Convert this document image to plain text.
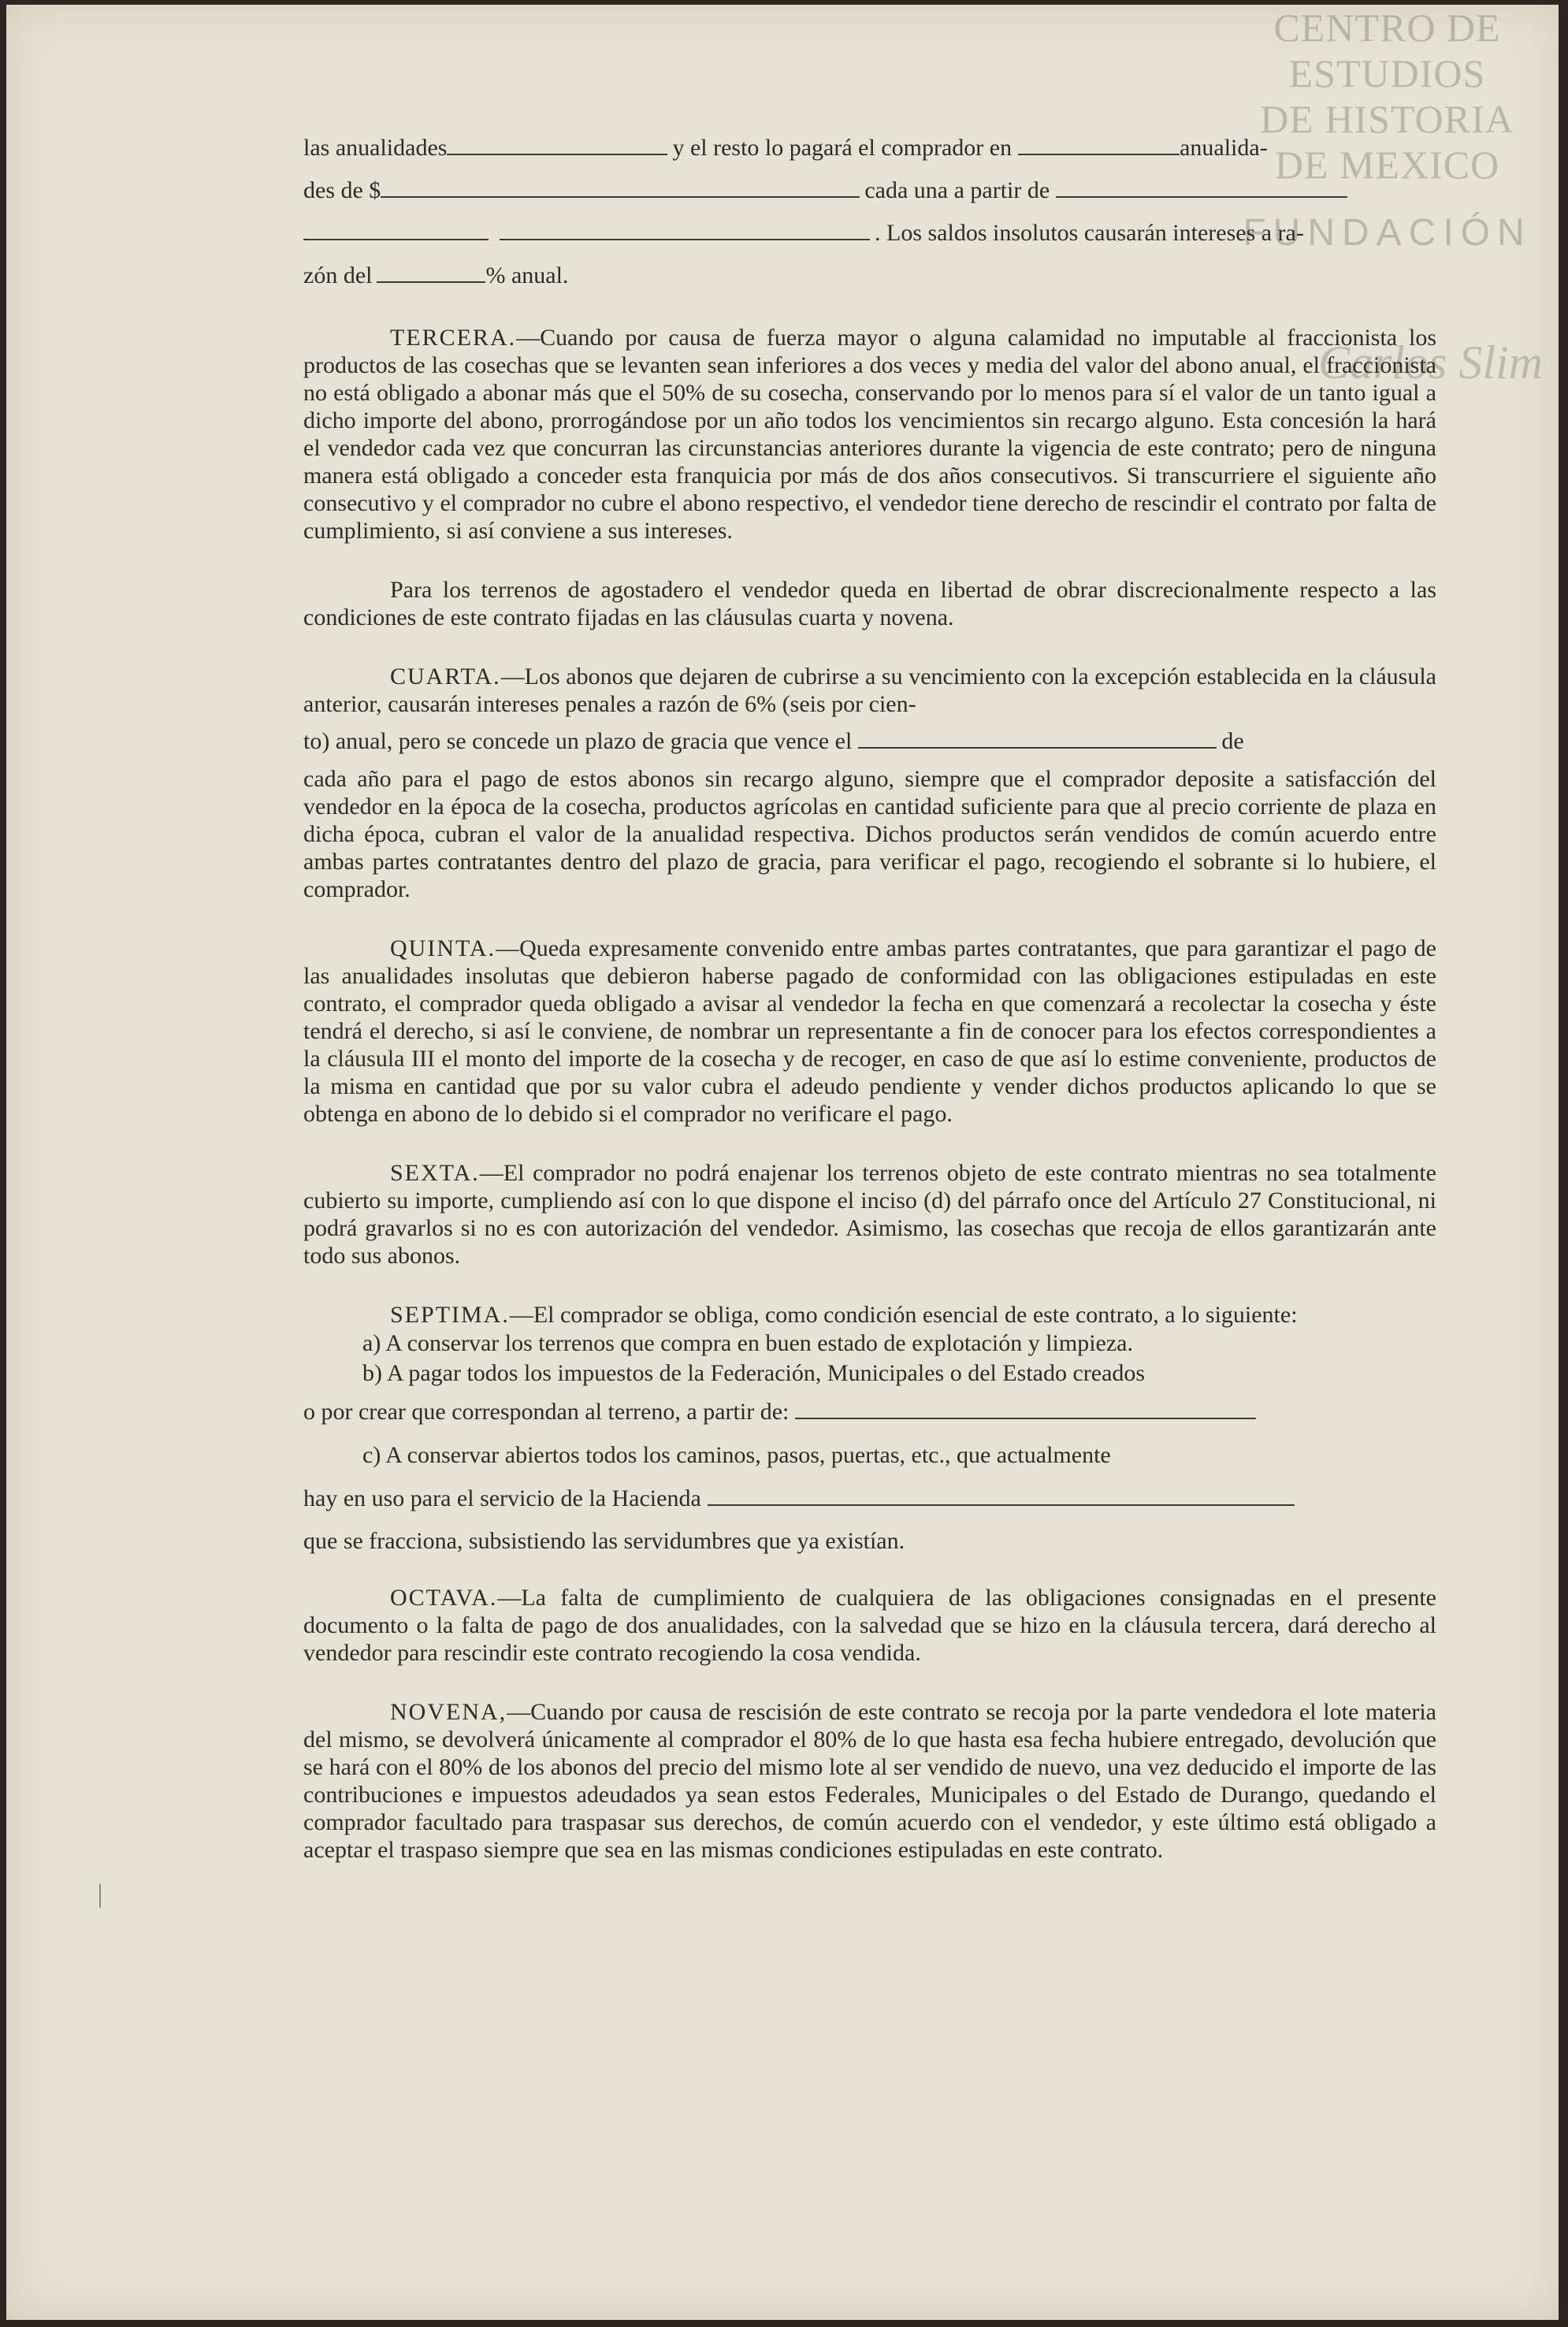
CENTRO DE
ESTUDIOS
DE HISTORIA
DE MEXICO
FUNDACIÓN
Carlos Slim
las anualidades	y el resto lo pagará el comprador en	anualida-
des de $	cada una a partir de
. Los saldos insolutos causarán intereses a ra-
zón del	% anual.

TERCERA.—Cuando por causa de fuerza mayor o alguna calamidad no imputable al fraccionista los productos de las cosechas que se levanten sean inferiores a dos veces y media del valor del abono anual, el fraccionista no está obligado a abonar más que el 50% de su cosecha, conservando por lo menos para sí el valor de un tanto igual a dicho importe del abono, prorrogándose por un año todos los vencimientos sin recargo alguno. Esta concesión la hará el vendedor cada vez que concurran las circunstancias anteriores durante la vigencia de este contrato; pero de ninguna manera está obligado a conceder esta franquicia por más de dos años consecutivos. Si transcurriere el siguiente año consecutivo y el comprador no cubre el abono respectivo, el vendedor tiene derecho de rescindir el contrato por falta de cumplimiento, si así conviene a sus intereses.

Para los terrenos de agostadero el vendedor queda en libertad de obrar discrecionalmente respecto a las condiciones de este contrato fijadas en las cláusulas cuarta y novena.

CUARTA.—Los abonos que dejaren de cubrirse a su vencimiento con la excepción establecida en la cláusula anterior, causarán intereses penales a razón de 6% (seis por cien-

to) anual, pero se concede un plazo de gracia que vence el	de

cada año para el pago de estos abonos sin recargo alguno, siempre que el comprador deposite a satisfacción del vendedor en la época de la cosecha, productos agrícolas en cantidad suficiente para que al precio corriente de plaza en dicha época, cubran el valor de la anualidad respectiva. Dichos productos serán vendidos de común acuerdo entre ambas partes contratantes dentro del plazo de gracia, para verificar el pago, recogiendo el sobrante si lo hubiere, el comprador.

QUINTA.—Queda expresamente convenido entre ambas partes contratantes, que para garantizar el pago de las anualidades insolutas que debieron haberse pagado de conformidad con las obligaciones estipuladas en este contrato, el comprador queda obligado a avisar al vendedor la fecha en que comenzará a recolectar la cosecha y éste tendrá el derecho, si así le conviene, de nombrar un representante a fin de conocer para los efectos correspondientes a la cláusula III el monto del importe de la cosecha y de recoger, en caso de que así lo estime conveniente, productos de la misma en cantidad que por su valor cubra el adeudo pendiente y vender dichos productos aplicando lo que se obtenga en abono de lo debido si el comprador no verificare el pago.

SEXTA.—El comprador no podrá enajenar los terrenos objeto de este contrato mientras no sea totalmente cubierto su importe, cumpliendo así con lo que dispone el inciso (d) del párrafo once del Artículo 27 Constitucional, ni podrá gravarlos si no es con autorización del vendedor. Asimismo, las cosechas que recoja de ellos garantizarán ante todo sus abonos.

SEPTIMA.—El comprador se obliga, como condición esencial de este contrato, a lo siguiente:

a) A conservar los terrenos que compra en buen estado de explotación y limpieza.
b) A pagar todos los impuestos de la Federación, Municipales o del Estado creados
o por crear que correspondan al terreno, a partir de:
c) A conservar abiertos todos los caminos, pasos, puertas, etc., que actualmente
hay en uso para el servicio de la Hacienda
que se fracciona, subsistiendo las servidumbres que ya existían.

OCTAVA.—La falta de cumplimiento de cualquiera de las obligaciones consignadas en el presente documento o la falta de pago de dos anualidades, con la salvedad que se hizo en la cláusula tercera, dará derecho al vendedor para rescindir este contrato recogiendo la cosa vendida.

NOVENA,—Cuando por causa de rescisión de este contrato se recoja por la parte vendedora el lote materia del mismo, se devolverá únicamente al comprador el 80% de lo que hasta esa fecha hubiere entregado, devolución que se hará con el 80% de los abonos del precio del mismo lote al ser vendido de nuevo, una vez deducido el importe de las contribuciones e impuestos adeudados ya sean estos Federales, Municipales o del Estado de Durango, quedando el comprador facultado para traspasar sus derechos, de común acuerdo con el vendedor, y este último está obligado a aceptar el traspaso siempre que sea en las mismas condiciones estipuladas en este contrato.
